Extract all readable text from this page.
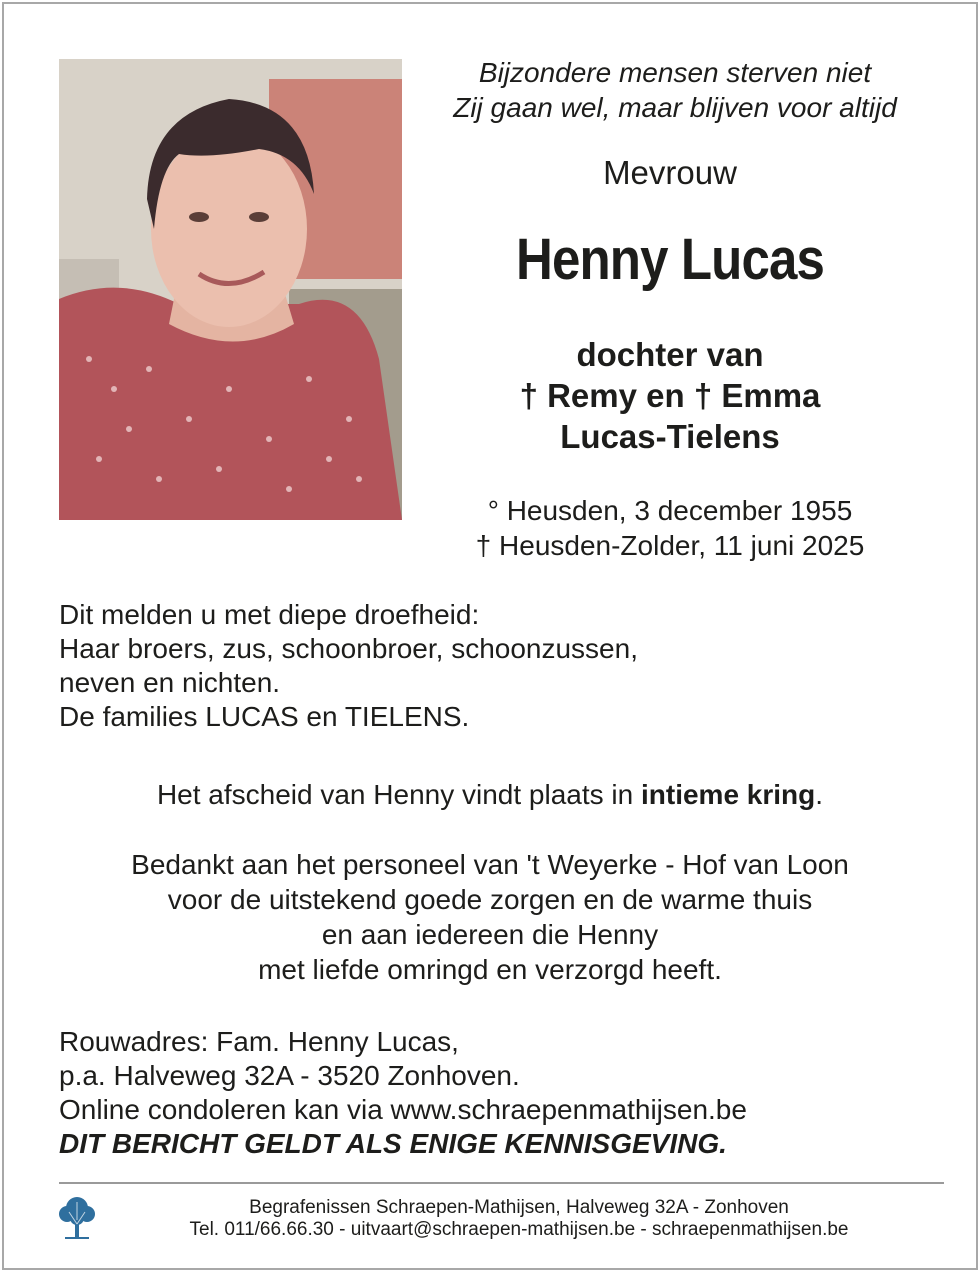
Bijzondere mensen sterven niet
Zij gaan wel, maar blijven voor altijd
Mevrouw
Henny Lucas
dochter van
† Remy en † Emma
Lucas-Tielens
° Heusden, 3 december 1955
† Heusden-Zolder, 11 juni 2025
Dit melden u met diepe droefheid:
Haar broers, zus, schoonbroer, schoonzussen,
neven en nichten.
De families LUCAS en TIELENS.
Het afscheid van Henny vindt plaats in intieme kring.
Bedankt aan het personeel van 't Weyerke - Hof van Loon
voor de uitstekend goede zorgen en de warme thuis
en aan iedereen die Henny
met liefde omringd en verzorgd heeft.
Rouwadres: Fam. Henny Lucas,
p.a. Halveweg 32A - 3520 Zonhoven.
Online condoleren kan via www.schraepenmathijsen.be
DIT BERICHT GELDT ALS ENIGE KENNISGEVING.
Begrafenissen Schraepen-Mathijsen, Halveweg 32A - Zonhoven
Tel. 011/66.66.30 - uitvaart@schraepen-mathijsen.be - schraepenmathijsen.be
